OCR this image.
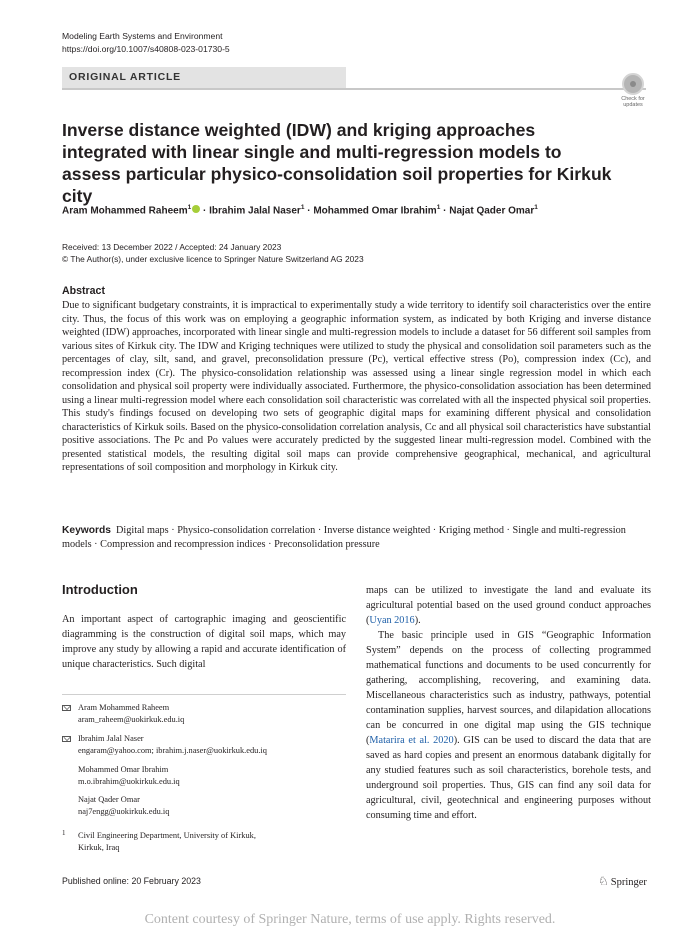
Modeling Earth Systems and Environment
https://doi.org/10.1007/s40808-023-01730-5
ORIGINAL ARTICLE
Check for updates
Inverse distance weighted (IDW) and kriging approaches integrated with linear single and multi-regression models to assess particular physico-consolidation soil properties for Kirkuk city
Aram Mohammed Raheem$^1$ · Ibrahim Jalal Naser$^1$ · Mohammed Omar Ibrahim$^1$ · Najat Qader Omar$^1$
Received: 13 December 2022 / Accepted: 24 January 2023
© The Author(s), under exclusive licence to Springer Nature Switzerland AG 2023
Abstract
Due to significant budgetary constraints, it is impractical to experimentally study a wide territory to identify soil characteristics over the entire city. Thus, the focus of this work was on employing a geographic information system, as indicated by both Kriging and inverse distance weighted (IDW) approaches, incorporated with linear single and multi-regression models to include a dataset for 56 different soil samples from various sites of Kirkuk city. The IDW and Kriging techniques were utilized to study the physical and consolidation soil parameters such as the percentages of clay, silt, sand, and gravel, preconsolidation pressure (Pc), vertical effective stress (Po), compression index (Cc), and recompression index (Cr). The physico-consolidation relationship was assessed using a linear single regression model in which each consolidation and physical soil property were individually associated. Furthermore, the physico-consolidation association has been determined using a linear multi-regression model where each consolidation soil characteristic was correlated with all the inspected physical soil properties. This study's findings focused on developing two sets of geographic digital maps for examining different physical and consolidation characteristics of Kirkuk soils. Based on the physico-consolidation correlation analysis, Cc and all physical soil characteristics have substantial positive associations. The Pc and Po values were accurately predicted by the suggested linear multi-regression model. Combined with the presented statistical models, the resulting digital soil maps can provide comprehensive geographical, mechanical, and agricultural representations of soil composition and morphology in Kirkuk city.
Keywords Digital maps · Physico-consolidation correlation · Inverse distance weighted · Kriging method · Single and multi-regression models · Compression and recompression indices · Preconsolidation pressure
Introduction
An important aspect of cartographic imaging and geoscientific diagramming is the construction of digital soil maps, which may improve any study by allowing a rapid and accurate identification of unique characteristics. Such digital

maps can be utilized to investigate the land and evaluate its agricultural potential based on the used ground conduct approaches (Uyan 2016).

The basic principle used in GIS “Geographic Information System” depends on the process of collecting programmed mathematical functions and documents to be used concurrently for gathering, accomplishing, recovering, and examining data. Miscellaneous characteristics such as industry, pathways, potential contamination supplies, harvest sources, and dilapidation allocations can be concurred in one digital map using the GIS technique (Matarira et al. 2020). GIS can be used to discard the data that are saved as hard copies and present an enormous databank digitally for any studied features such as soil characteristics, borehole tests, and underground soil properties. Thus, GIS can find any soil data for agricultural, civil, geotechnical and engineering purposes without consuming time and effort.

Aram Mohammed Raheem
aram_raheem@uokirkuk.edu.iq
Ibrahim Jalal Naser
engaram@yahoo.com; ibrahim.j.naser@uokirkuk.edu.iq
Mohammed Omar Ibrahim
m.o.ibrahim@uokirkuk.edu.iq
Najat Qader Omar
naj7engg@uokirkuk.edu.iq
1 Civil Engineering Department, University of Kirkuk,
Kirkuk, Iraq
Published online: 20 February 2023	♘ Springer
Content courtesy of Springer Nature, terms of use apply. Rights reserved.
